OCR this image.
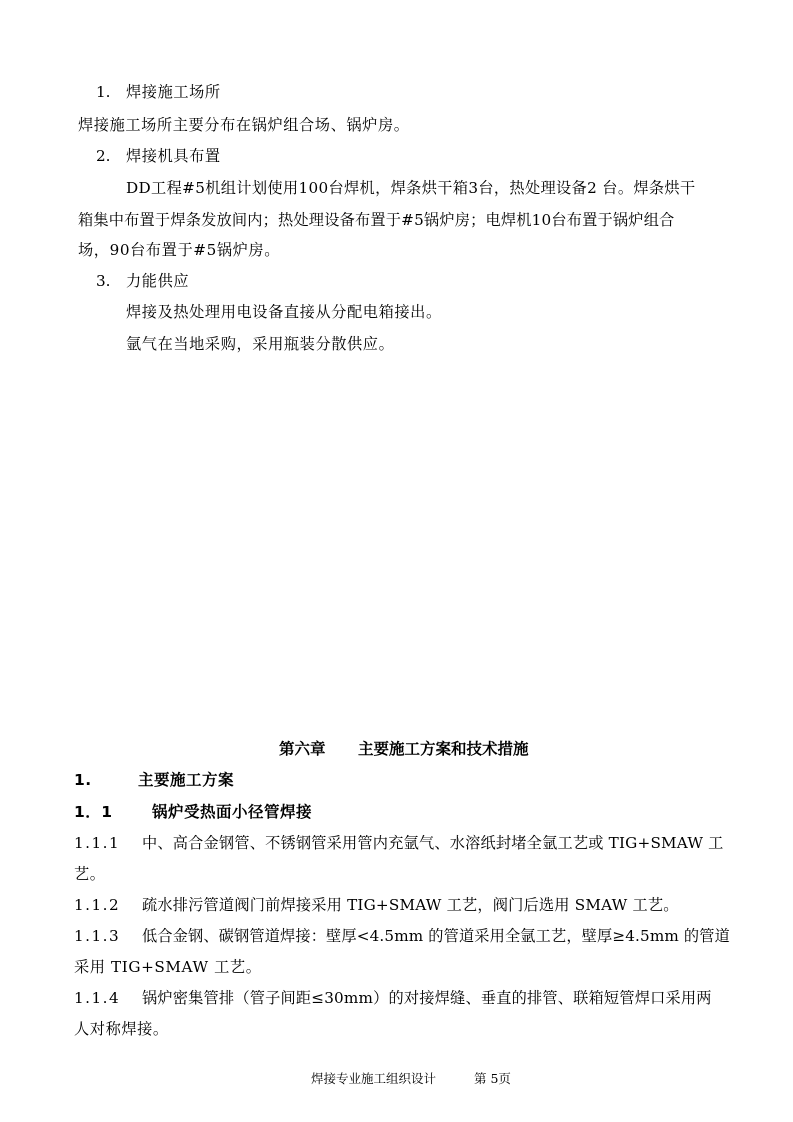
1. 焊接施工场所
焊接施工场所主要分布在锅炉组合场、锅炉房。
2. 焊接机具布置
DD工程#5机组计划使用100台焊机，焊条烘干箱3台，热处理设备2 台。焊条烘干
箱集中布置于焊条发放间内；热处理设备布置于#5锅炉房；电焊机10台布置于锅炉组合
场，90台布置于#5锅炉房。
3. 力能供应
焊接及热处理用电设备直接从分配电箱接出。
氩气在当地采购，采用瓶装分散供应。
第六章 主要施工方案和技术措施
1.	主要施工方案
1．1	锅炉受热面小径管焊接
1.1.1 中、高合金钢管、不锈钢管采用管内充氩气、水溶纸封堵全氩工艺或 TIG+SMAW 工
艺。
1.1.2 疏水排污管道阀门前焊接采用 TIG+SMAW 工艺，阀门后选用 SMAW 工艺。
1.1.3 低合金钢、碳钢管道焊接：壁厚<4.5mm 的管道采用全氩工艺，壁厚≥4.5mm 的管道
采用 TIG+SMAW 工艺。
1.1.4 锅炉密集管排（管子间距≤30mm）的对接焊缝、垂直的排管、联箱短管焊口采用两
人对称焊接。
焊接专业施工组织设计	第 5页
